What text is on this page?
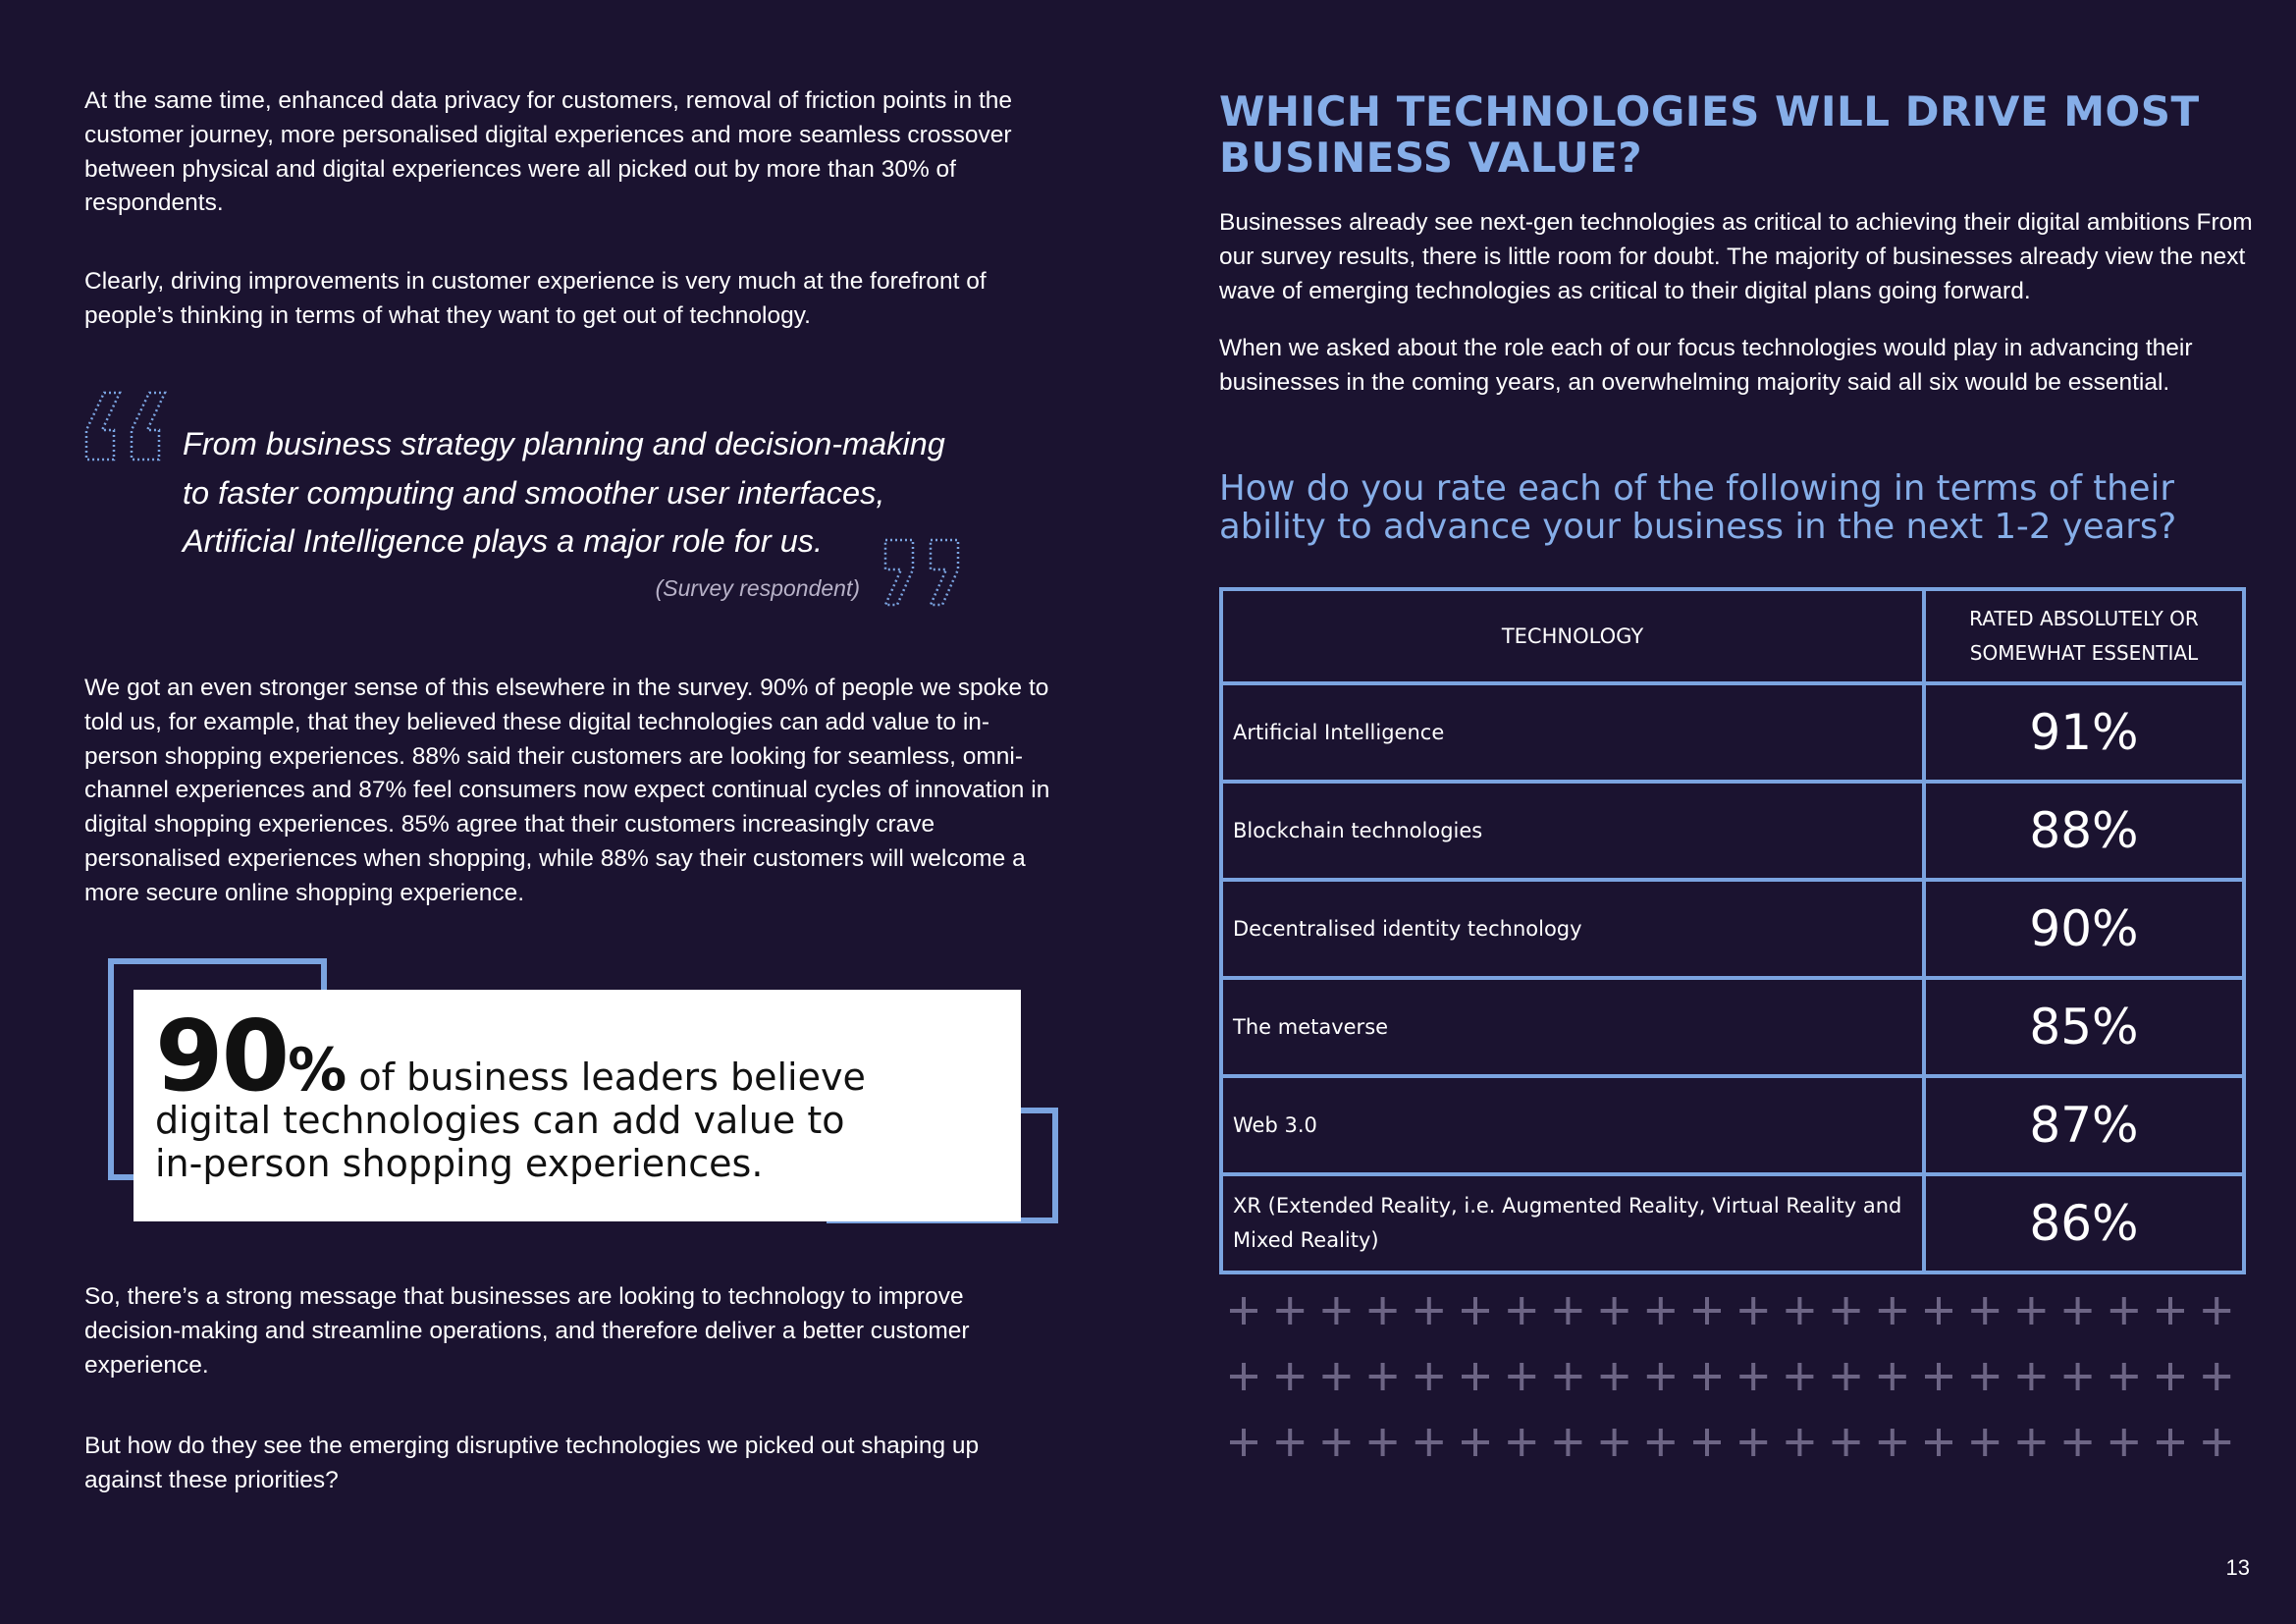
At the same time, enhanced data privacy for customers, removal of friction points in the customer journey, more personalised digital experiences and more seamless crossover between physical and digital experiences were all picked out by more than 30% of respondents.

Clearly, driving improvements in customer experience is very much at the forefront of people’s thinking in terms of what they want to get out of technology.

From business strategy planning and decision-making to faster computing and smoother user interfaces, Artificial Intelligence plays a major role for us.

(Survey respondent)

We got an even stronger sense of this elsewhere in the survey. 90% of people we spoke to told us, for example, that they believed these digital technologies can add value to in-person shopping experiences. 88% said their customers are looking for seamless, omni-channel experiences and 87% feel consumers now expect continual cycles of innovation in digital shopping experiences. 85% agree that their customers increasingly crave personalised experiences when shopping, while 88% say their customers will welcome a more secure online shopping experience.

90% of business leaders believe

digital technologies can add value to

in-person shopping experiences.

So, there’s a strong message that businesses are looking to technology to improve decision-making and streamline operations, and therefore deliver a better customer experience.

But how do they see the emerging disruptive technologies we picked out shaping up against these priorities?

WHICH TECHNOLOGIES WILL DRIVE MOST BUSINESS VALUE?

Businesses already see next-gen technologies as critical to achieving their digital ambitions From our survey results, there is little room for doubt. The majority of businesses already view the next wave of emerging technologies as critical to their digital plans going forward.

When we asked about the role each of our focus technologies would play in advancing their businesses in the coming years, an overwhelming majority said all six would be essential.

How do you rate each of the following in terms of their ability to advance your business in the next 1-2 years?

TECHNOLOGY
RATED ABSOLUTELY OR SOMEWHAT ESSENTIAL
Artificial Intelligence	91%
Blockchain technologies	88%
Decentralised identity technology	90%
The metaverse	85%
Web 3.0	87%
XR (Extended Reality, i.e. Augmented Reality, Virtual Reality and Mixed Reality)	86%
13
